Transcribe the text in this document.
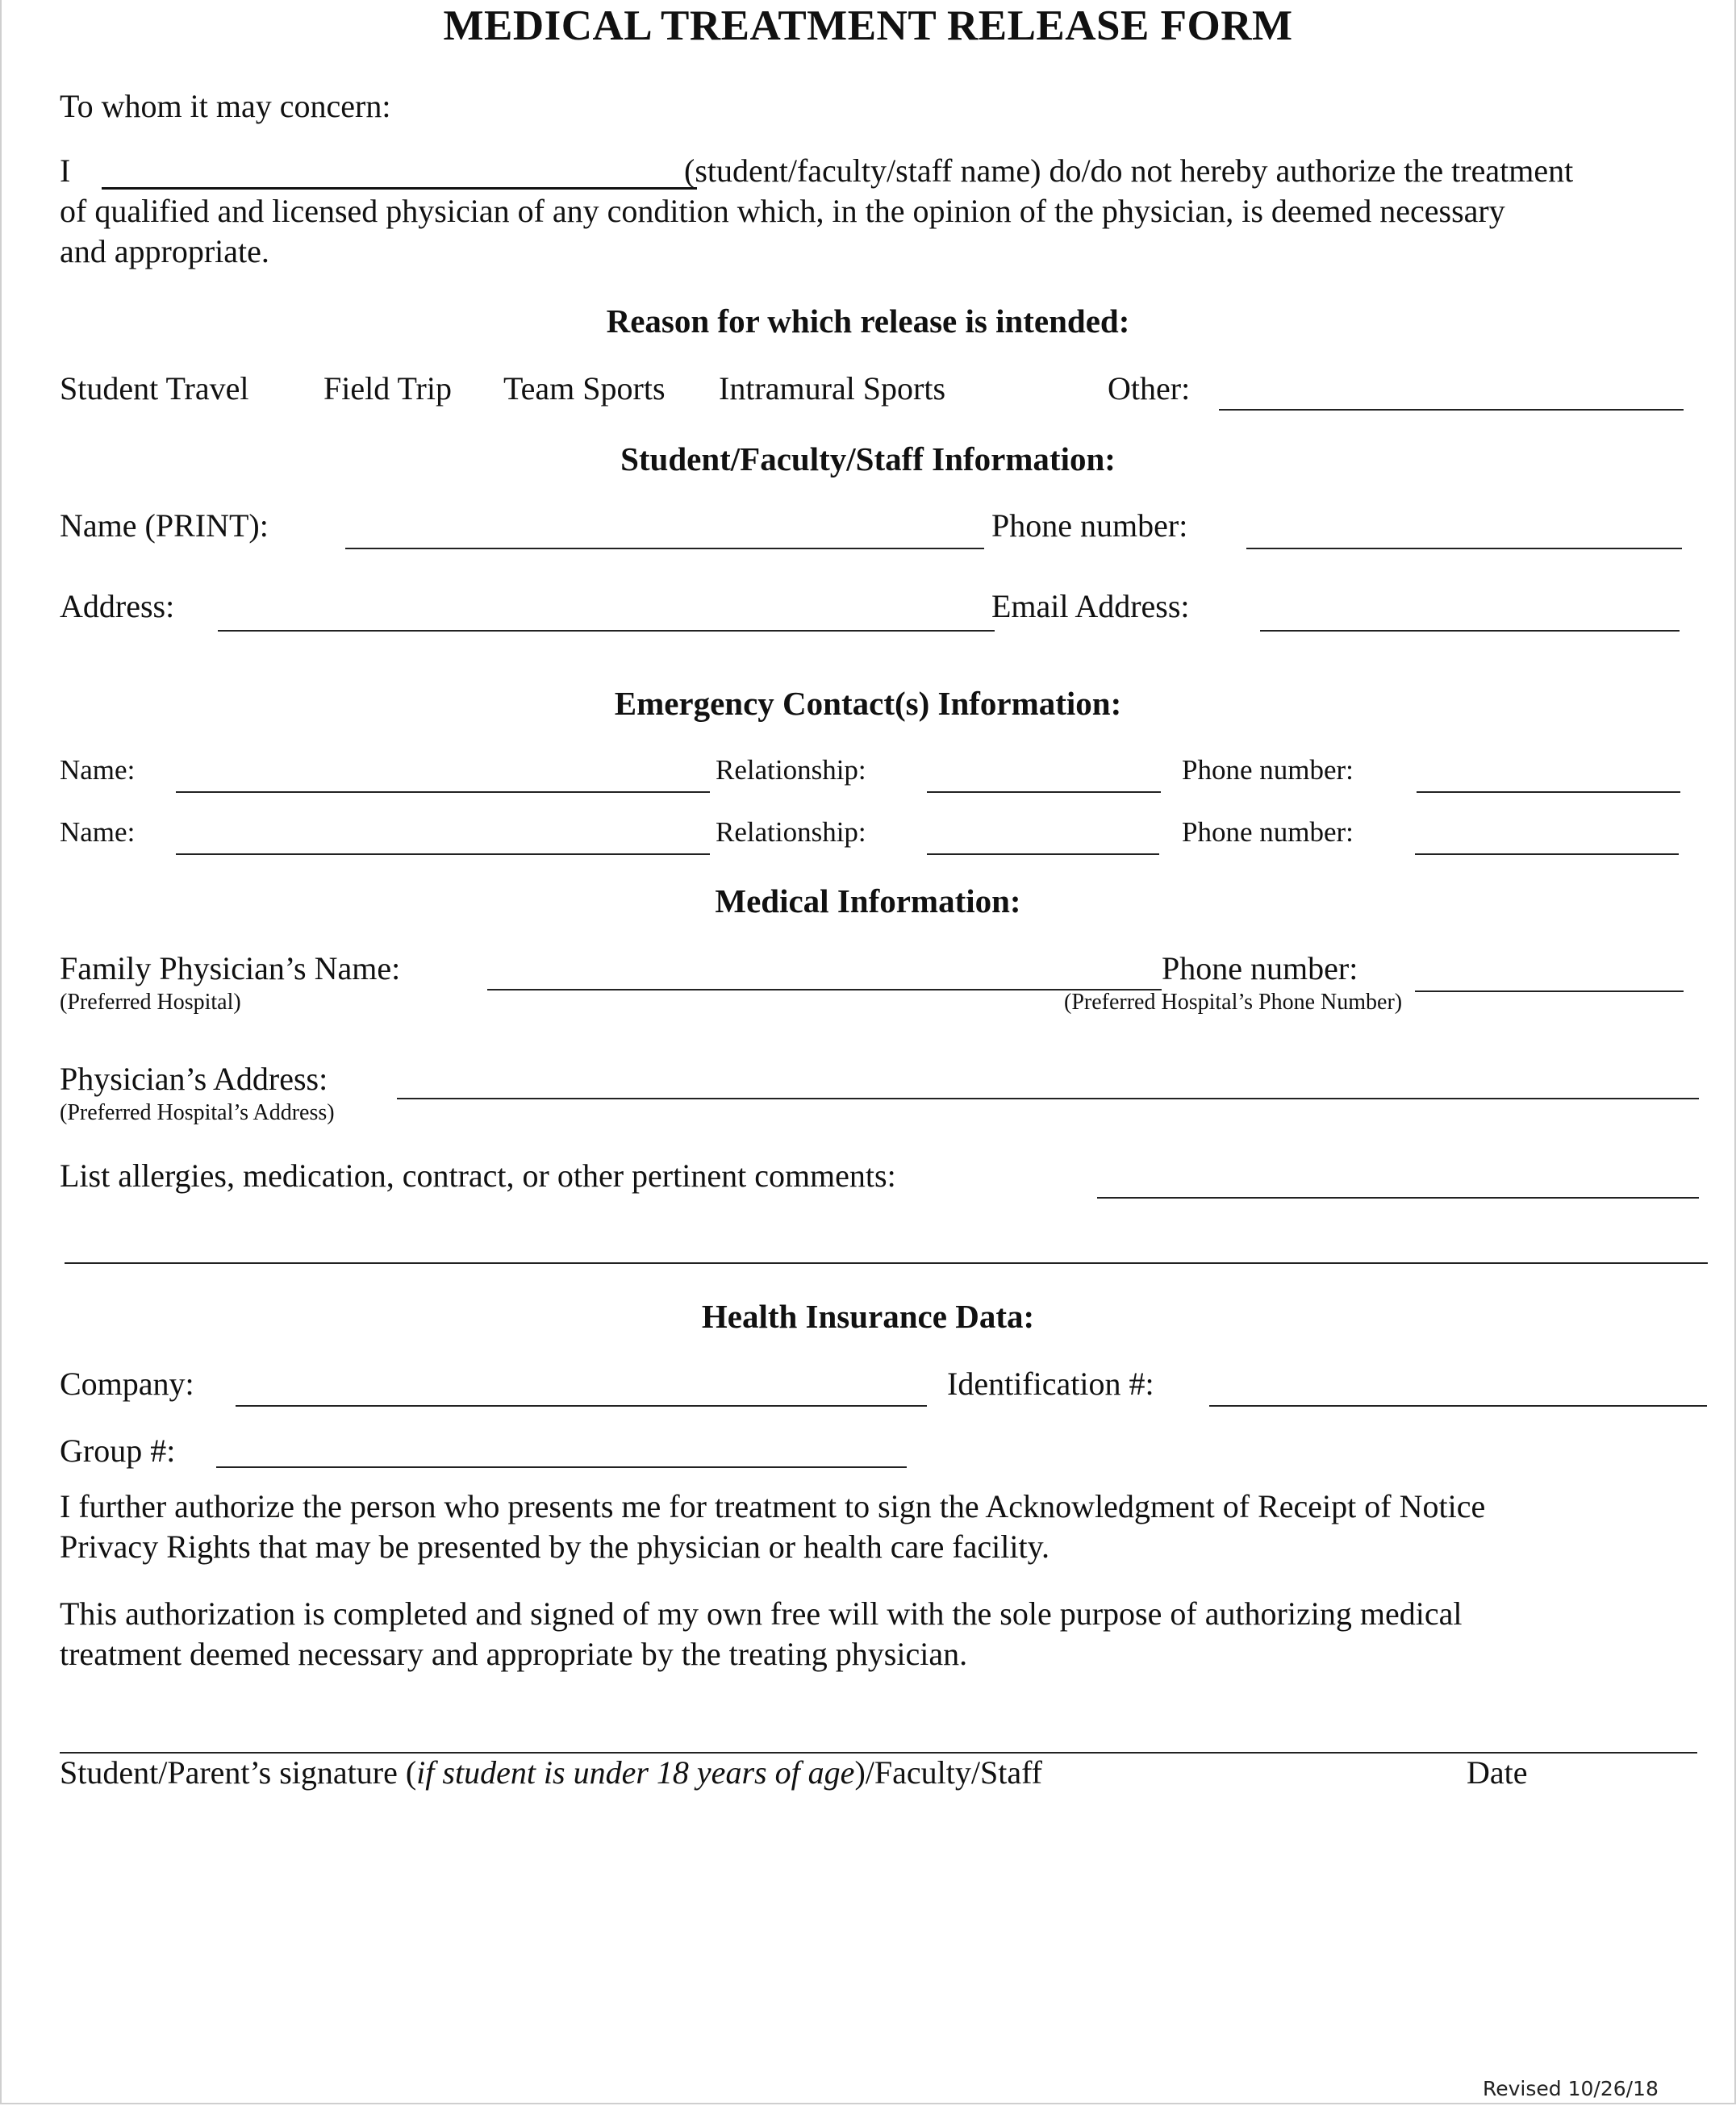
MEDICAL TREATMENT RELEASE FORM
To whom it may concern:
I	(student/faculty/staff name) do/do not hereby authorize the treatment
of qualified and licensed physician of any condition which, in the opinion of the physician, is deemed necessary
and appropriate.
Reason for which release is intended:
Student Travel Field Trip Team Sports Intramural Sports	Other:
Student/Faculty/Staff Information:
Name (PRINT):	Phone number:
Address:	Email Address:
Emergency Contact(s) Information:
Name:	Relationship:	Phone number:
Name:	Relationship:	Phone number:
Medical Information:
Family Physician’s Name:
(Preferred Hospital)
Phone number:
(Preferred Hospital’s Phone Number)
Physician’s Address:
(Preferred Hospital’s Address)
List allergies, medication, contract, or other pertinent comments:
Health Insurance Data:
Company:	Identification #:
Group #:
I further authorize the person who presents me for treatment to sign the Acknowledgment of Receipt of Notice
Privacy Rights that may be presented by the physician or health care facility.
This authorization is completed and signed of my own free will with the sole purpose of authorizing medical
treatment deemed necessary and appropriate by the treating physician.
Student/Parent’s signature (if student is under 18 years of age)/Faculty/Staff	Date
Revised 10/26/18
